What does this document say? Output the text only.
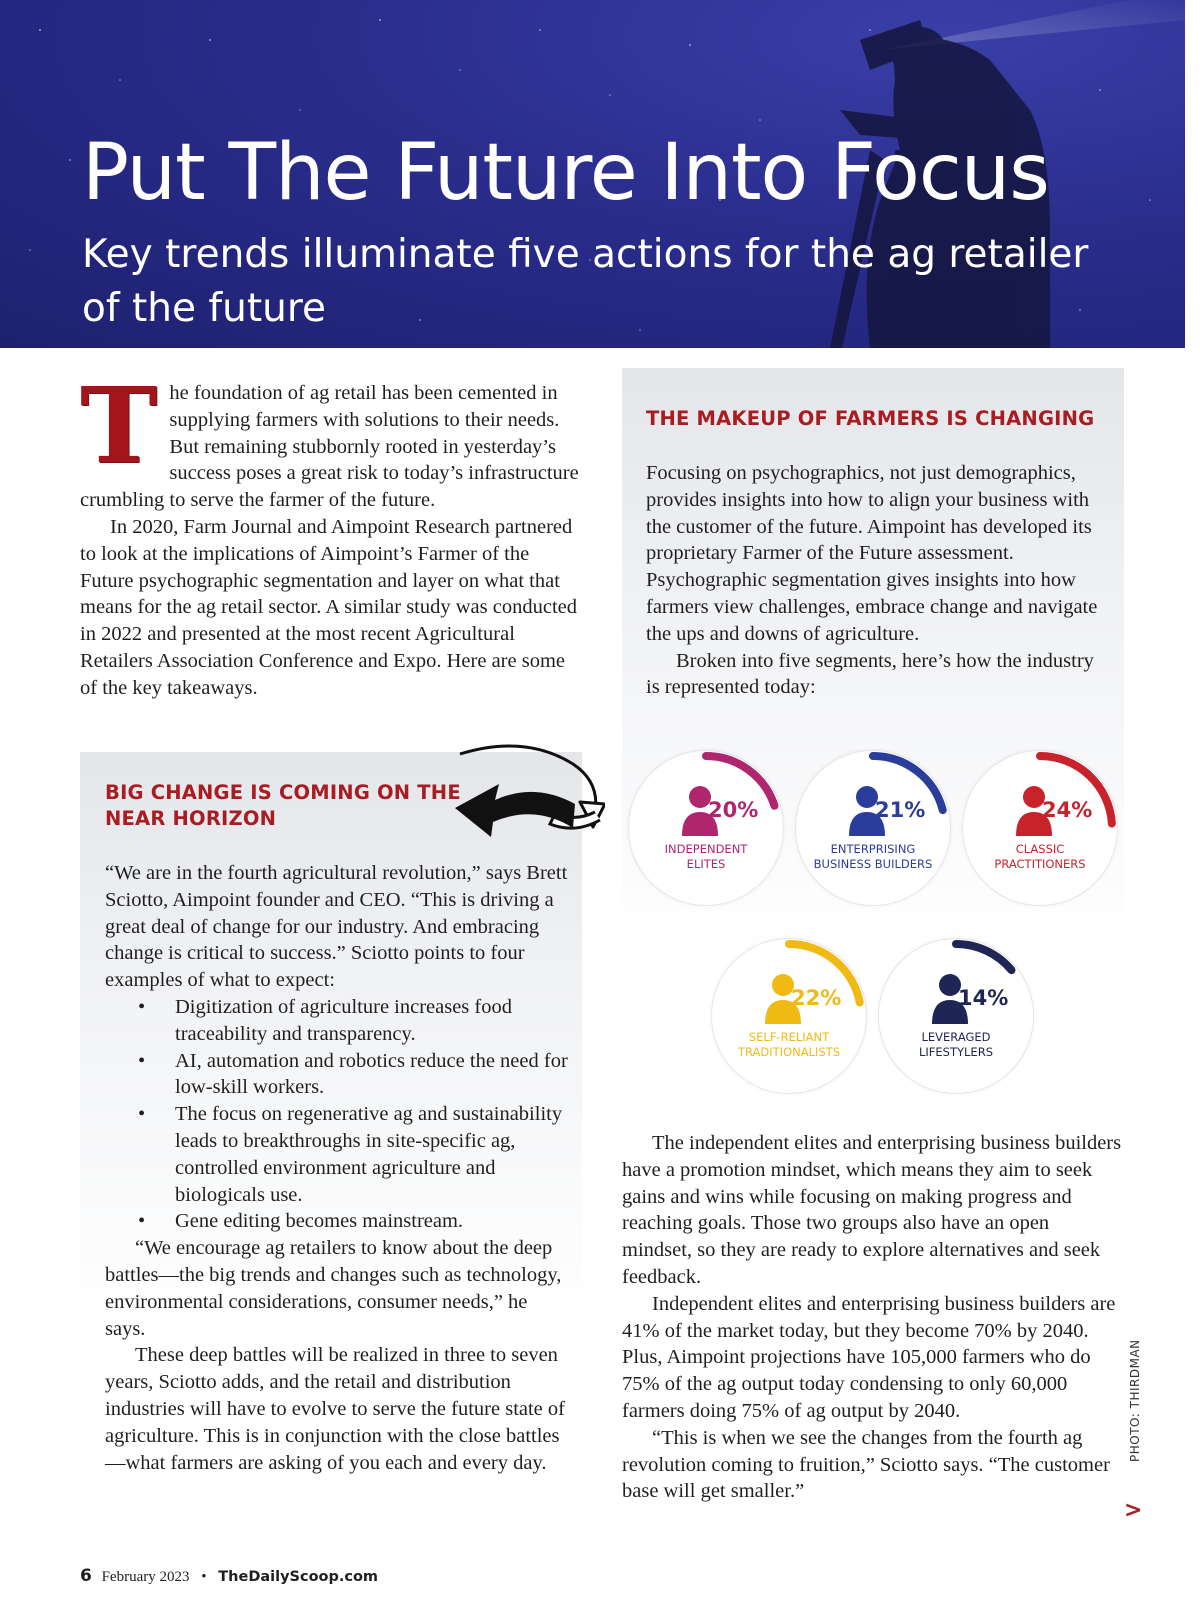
Put The Future Into Focus
Key trends illuminate five actions for the ag retailer of the future

The foundation of ag retail has been cemented in supplying farmers with solutions to their needs. But remaining stubbornly rooted in yesterday’s success poses a great risk to today’s infrastructure crumbling to serve the farmer of the future.

In 2020, Farm Journal and Aimpoint Research partnered to look at the implications of Aimpoint’s Farmer of the Future psychographic segmentation and layer on what that means for the ag retail sector. A similar study was conducted in 2022 and presented at the most recent Agricultural Retailers Association Conference and Expo. Here are some of the key takeaways.

BIG CHANGE IS COMING ON THE NEAR HORIZON

“We are in the fourth agricultural revolution,” says Brett Sciotto, Aimpoint founder and CEO. “This is driving a great deal of change for our industry. And embracing change is critical to success.” Sciotto points to four examples of what to expect:

• Digitization of agriculture increases food traceability and transparency.
• AI, automation and robotics reduce the need for low-skill workers.
• The focus on regenerative ag and sustainability leads to breakthroughs in site-specific ag, controlled environment agriculture and biologicals use.
• Gene editing becomes mainstream.

“We encourage ag retailers to know about the deep battles—the big trends and changes such as technology, environmental considerations, consumer needs,” he says.

These deep battles will be realized in three to seven years, Sciotto adds, and the retail and distribution industries will have to evolve to serve the future state of agriculture. This is in conjunction with the close battles—what farmers are asking of you each and every day.

THE MAKEUP OF FARMERS IS CHANGING

Focusing on psychographics, not just demographics, provides insights into how to align your business with the customer of the future. Aimpoint has developed its proprietary Farmer of the Future assessment. Psychographic segmentation gives insights into how farmers view challenges, embrace change and navigate the ups and downs of agriculture.

Broken into five segments, here’s how the industry is represented today:

20%
INDEPENDENT
ELITES
21%
ENTERPRISING
BUSINESS BUILDERS
24%
CLASSIC
PRACTITIONERS
22%
SELF-RELIANT
TRADITIONALISTS
14%
LEVERAGED
LIFESTYLERS

The independent elites and enterprising business builders have a promotion mindset, which means they aim to seek gains and wins while focusing on making progress and reaching goals. Those two groups also have an open mindset, so they are ready to explore alternatives and seek feedback.

Independent elites and enterprising business builders are 41% of the market today, but they become 70% by 2040. Plus, Aimpoint projections have 105,000 farmers who do 75% of the ag output today condensing to only 60,000 farmers doing 75% of ag output by 2040.

“This is when we see the changes from the fourth ag revolution coming to fruition,” Sciotto says. “The customer base will get smaller.”

6 February 2023 • TheDailyScoop.com
PHOTO: THIRDMAN
>
